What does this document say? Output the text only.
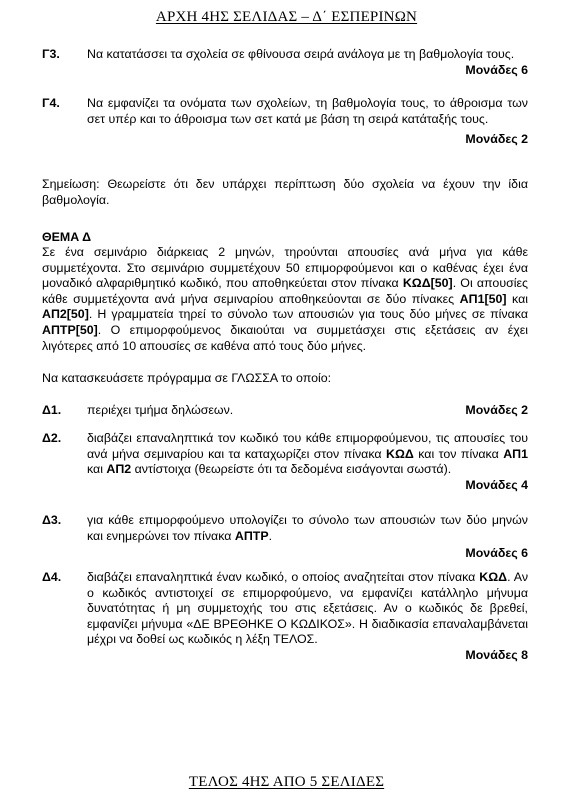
ΑΡΧΗ 4ΗΣ ΣΕΛΙΔΑΣ – Δ΄ ΕΣΠΕΡΙΝΩΝ
Γ3. Να κατατάσσει τα σχολεία σε φθίνουσα σειρά ανάλογα με τη βαθμολογία τους.
Μονάδες 6
Γ4. Να εμφανίζει τα ονόματα των σχολείων, τη βαθμολογία τους, το άθροισμα των σετ υπέρ και το άθροισμα των σετ κατά με βάση τη σειρά κατάταξής τους.
Μονάδες 2
Σημείωση: Θεωρείστε ότι δεν υπάρχει περίπτωση δύο σχολεία να έχουν την ίδια βαθμολογία.
ΘΕΜΑ Δ
Σε ένα σεμινάριο διάρκειας 2 μηνών, τηρούνται απουσίες ανά μήνα για κάθε συμμετέχοντα. Στο σεμινάριο συμμετέχουν 50 επιμορφούμενοι και ο καθένας έχει ένα μοναδικό αλφαριθμητικό κωδικό, που αποθηκεύεται στον πίνακα ΚΩΔ[50]. Οι απουσίες κάθε συμμετέχοντα ανά μήνα σεμιναρίου αποθηκεύονται σε δύο πίνακες ΑΠ1[50] και ΑΠ2[50]. Η γραμματεία τηρεί το σύνολο των απουσιών για τους δύο μήνες σε πίνακα ΑΠΤΡ[50]. Ο επιμορφούμενος δικαιούται να συμμετάσχει στις εξετάσεις αν έχει λιγότερες από 10 απουσίες σε καθένα από τους δύο μήνες.
Να κατασκευάσετε πρόγραμμα σε ΓΛΩΣΣΑ το οποίο:
Δ1. περιέχει τμήμα δηλώσεων.	Μονάδες 2
Δ2. διαβάζει επαναληπτικά τον κωδικό του κάθε επιμορφούμενου, τις απουσίες του ανά μήνα σεμιναρίου και τα καταχωρίζει στον πίνακα ΚΩΔ και τον πίνακα ΑΠ1 και ΑΠ2 αντίστοιχα (θεωρείστε ότι τα δεδομένα εισάγονται σωστά).
Μονάδες 4
Δ3. για κάθε επιμορφούμενο υπολογίζει το σύνολο των απουσιών των δύο μηνών και ενημερώνει τον πίνακα ΑΠΤΡ.
Μονάδες 6
Δ4. διαβάζει επαναληπτικά έναν κωδικό, ο οποίος αναζητείται στον πίνακα ΚΩΔ. Αν ο κωδικός αντιστοιχεί σε επιμορφούμενο, να εμφανίζει κατάλληλο μήνυμα δυνατότητας ή μη συμμετοχής του στις εξετάσεις. Αν ο κωδικός δε βρεθεί, εμφανίζει μήνυμα «ΔΕ ΒΡΕΘΗΚΕ Ο ΚΩΔΙΚΟΣ». Η διαδικασία επαναλαμβάνεται μέχρι να δοθεί ως κωδικός η λέξη ΤΕΛΟΣ.
Μονάδες 8
ΤΕΛΟΣ 4ΗΣ ΑΠΟ 5 ΣΕΛΙΔΕΣ
